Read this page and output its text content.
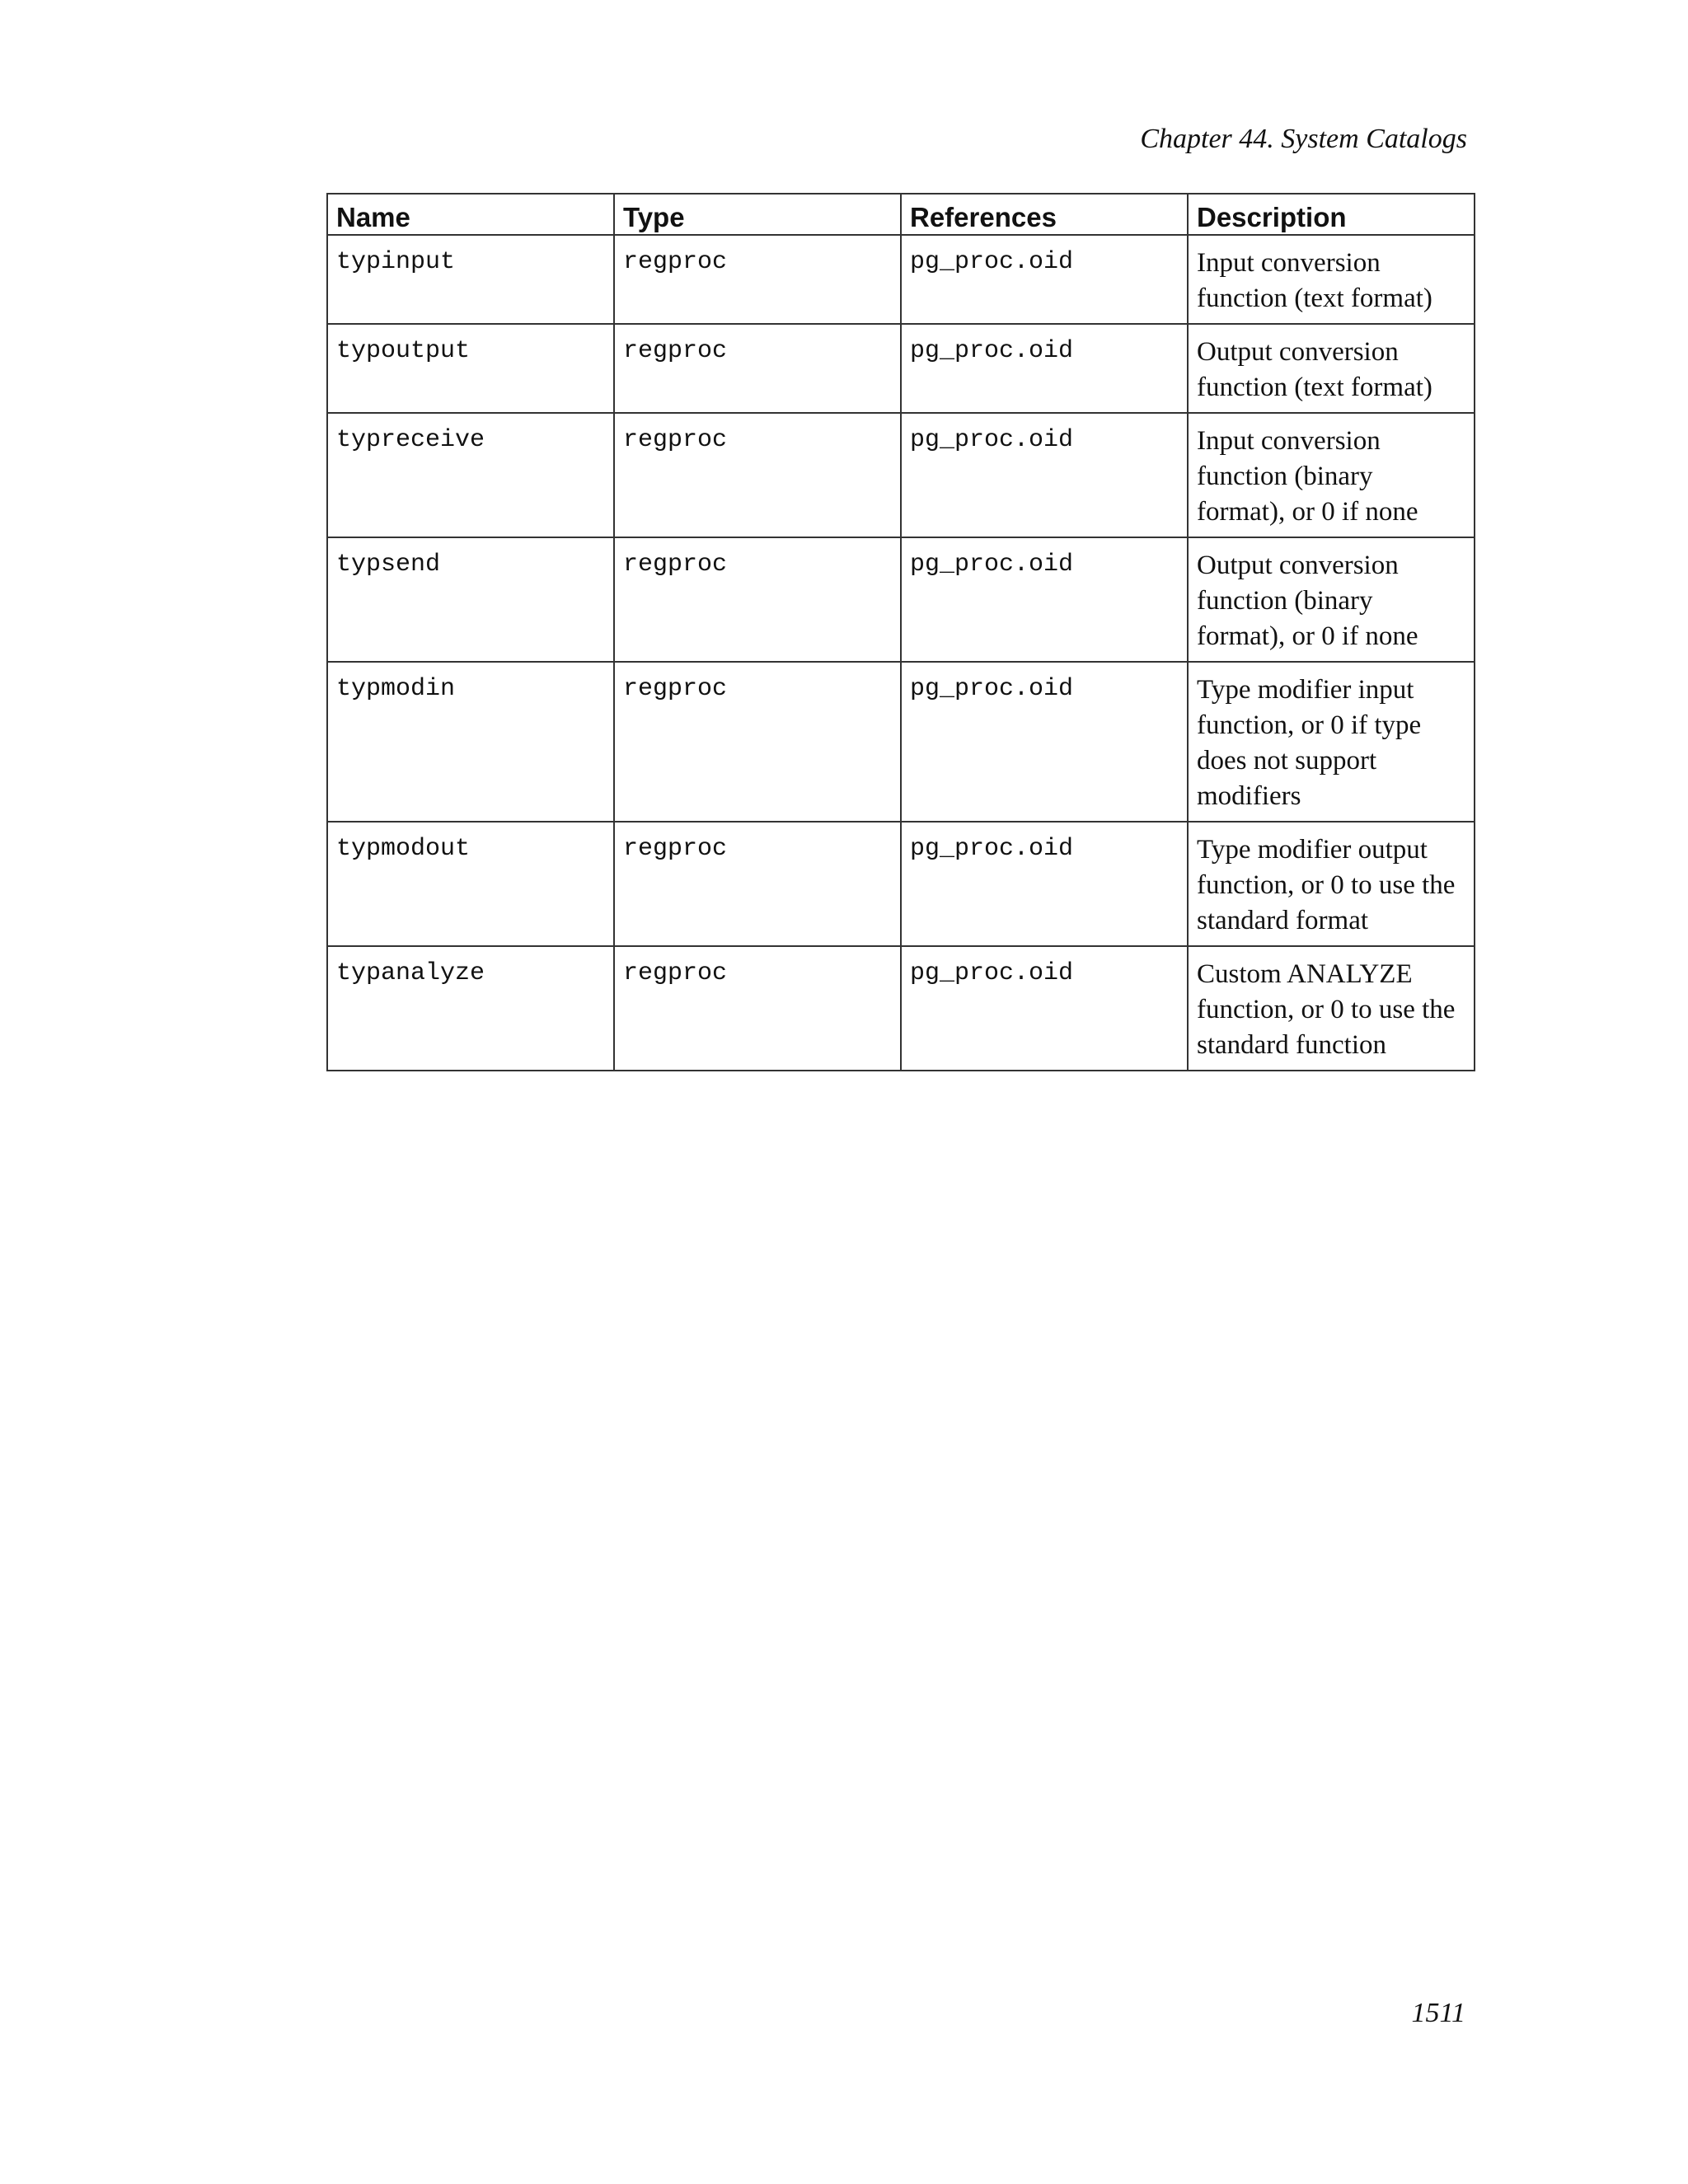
Chapter 44. System Catalogs
Name	Type	References	Description
typinput	regproc	pg_proc.oid	Input conversion function (text format)
typoutput	regproc	pg_proc.oid	Output conversion function (text format)
typreceive	regproc	pg_proc.oid	Input conversion function (binary format), or 0 if none
typsend	regproc	pg_proc.oid	Output conversion function (binary format), or 0 if none
typmodin	regproc	pg_proc.oid	Type modifier input function, or 0 if type does not support modifiers
typmodout	regproc	pg_proc.oid	Type modifier output function, or 0 to use the standard format
typanalyze	regproc	pg_proc.oid	Custom ANALYZE function, or 0 to use the standard function
1511
